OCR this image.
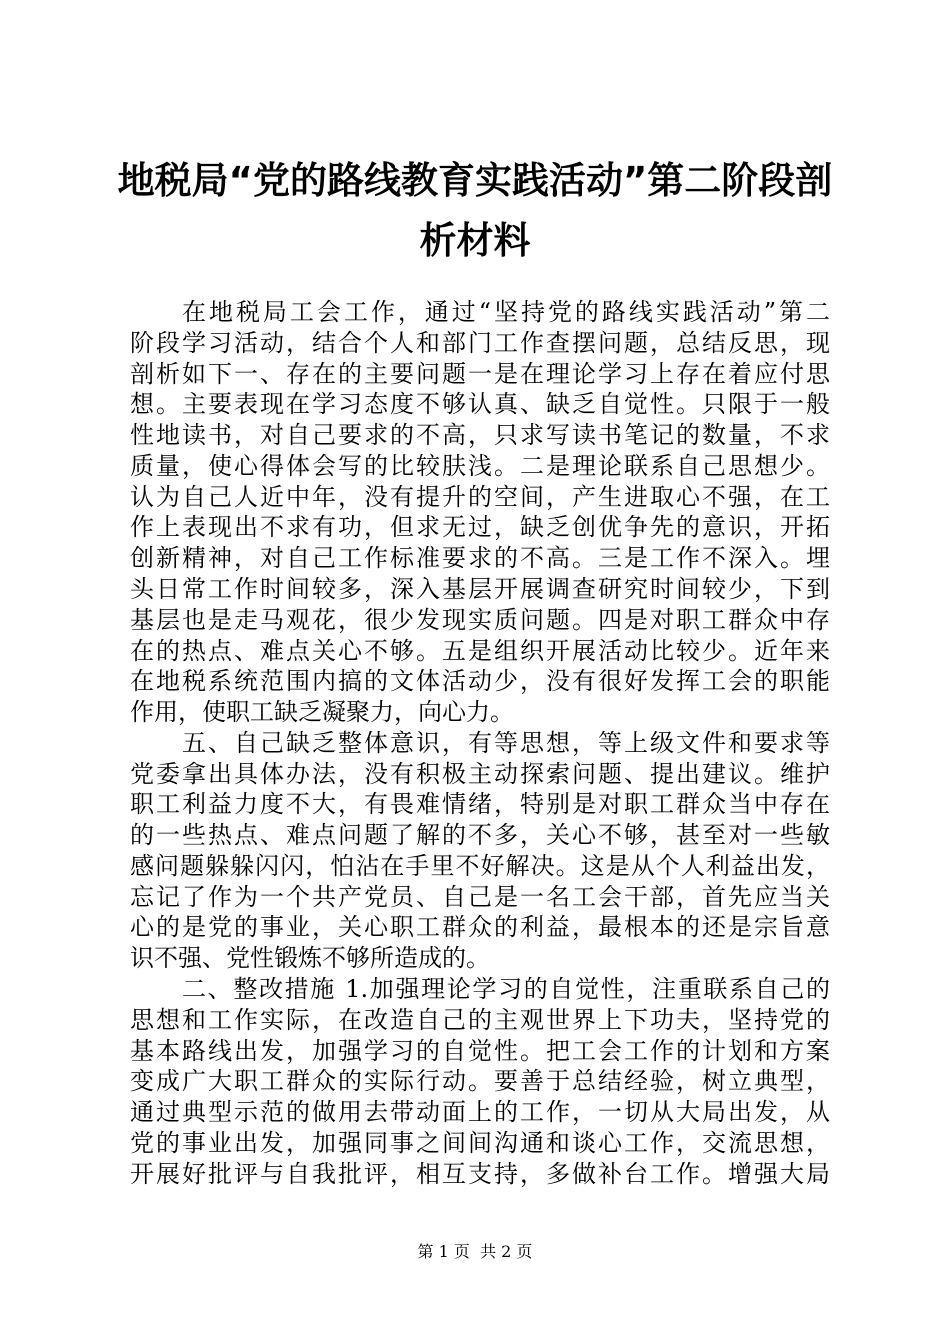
地税局“党的路线教育实践活动”第二阶段剖
析材料
在地税局工会工作，通过“坚持党的路线实践活动”第二
阶段学习活动，结合个人和部门工作查摆问题，总结反思，现
剖析如下一、存在的主要问题一是在理论学习上存在着应付思
想。主要表现在学习态度不够认真、缺乏自觉性。只限于一般
性地读书，对自己要求的不高，只求写读书笔记的数量，不求
质量，使心得体会写的比较肤浅。二是理论联系自己思想少。
认为自己人近中年，没有提升的空间，产生进取心不强，在工
作上表现出不求有功，但求无过，缺乏创优争先的意识，开拓
创新精神，对自己工作标准要求的不高。三是工作不深入。埋
头日常工作时间较多，深入基层开展调查研究时间较少，下到
基层也是走马观花，很少发现实质问题。四是对职工群众中存
在的热点、难点关心不够。五是组织开展活动比较少。近年来
在地税系统范围内搞的文体活动少，没有很好发挥工会的职能
作用，使职工缺乏凝聚力，向心力。
五、自己缺乏整体意识，有等思想，等上级文件和要求等
党委拿出具体办法，没有积极主动探索问题、提出建议。维护
职工利益力度不大，有畏难情绪，特别是对职工群众当中存在
的一些热点、难点问题了解的不多，关心不够，甚至对一些敏
感问题躲躲闪闪，怕沾在手里不好解决。这是从个人利益出发，
忘记了作为一个共产党员、自己是一名工会干部，首先应当关
心的是党的事业，关心职工群众的利益，最根本的还是宗旨意
识不强、党性锻炼不够所造成的。
二、整改措施 1.加强理论学习的自觉性，注重联系自己的
思想和工作实际，在改造自己的主观世界上下功夫，坚持党的
基本路线出发，加强学习的自觉性。把工会工作的计划和方案
变成广大职工群众的实际行动。要善于总结经验，树立典型，
通过典型示范的做用去带动面上的工作，一切从大局出发，从
党的事业出发，加强同事之间间沟通和谈心工作，交流思想，
开展好批评与自我批评，相互支持，多做补台工作。增强大局
第 1 页  共 2 页
